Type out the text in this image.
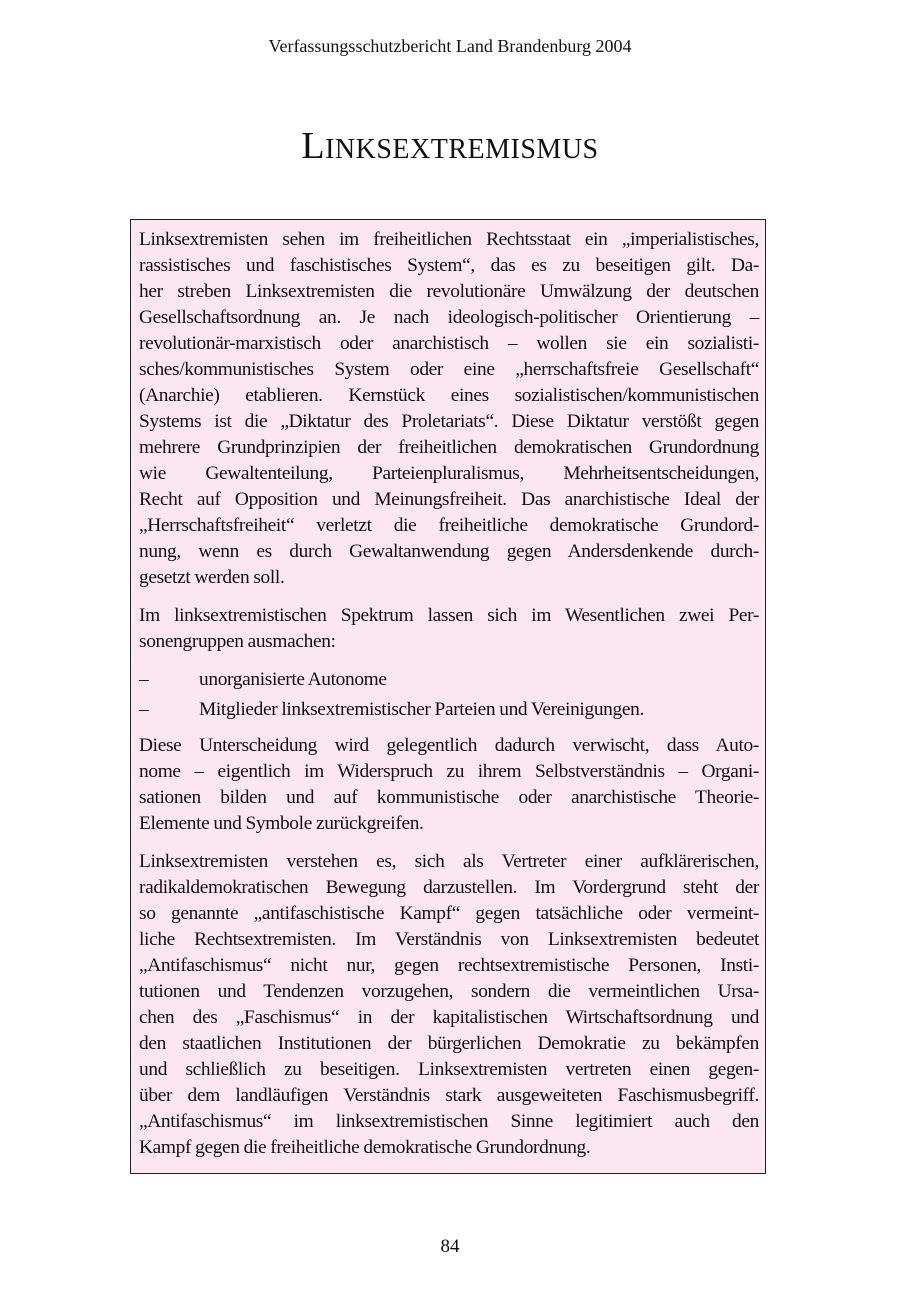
Verfassungsschutzbericht Land Brandenburg 2004
LINKSEXTREMISMUS
Linksextremisten sehen im freiheitlichen Rechtsstaat ein „imperialistisches,
rassistisches und faschistisches System“, das es zu beseitigen gilt. Da-
her streben Linksextremisten die revolutionäre Umwälzung der deutschen
Gesellschaftsordnung an. Je nach ideologisch-politischer Orientierung –
revolutionär-marxistisch oder anarchistisch – wollen sie ein sozialisti-
sches/kommunistisches System oder eine „herrschaftsfreie Gesellschaft“
(Anarchie) etablieren. Kernstück eines sozialistischen/kommunistischen
Systems ist die „Diktatur des Proletariats“. Diese Diktatur verstößt gegen
mehrere Grundprinzipien der freiheitlichen demokratischen Grundordnung
wie Gewaltenteilung, Parteienpluralismus, Mehrheitsentscheidungen,
Recht auf Opposition und Meinungsfreiheit. Das anarchistische Ideal der
„Herrschaftsfreiheit“ verletzt die freiheitliche demokratische Grundord-
nung, wenn es durch Gewaltanwendung gegen Andersdenkende durch-
gesetzt werden soll.
Im linksextremistischen Spektrum lassen sich im Wesentlichen zwei Per-
sonengruppen ausmachen:
–	unorganisierte Autonome
–	Mitglieder linksextremistischer Parteien und Vereinigungen.
Diese Unterscheidung wird gelegentlich dadurch verwischt, dass Auto-
nome – eigentlich im Widerspruch zu ihrem Selbstverständnis – Organi-
sationen bilden und auf kommunistische oder anarchistische Theorie-
Elemente und Symbole zurückgreifen.
Linksextremisten verstehen es, sich als Vertreter einer aufklärerischen,
radikaldemokratischen Bewegung darzustellen. Im Vordergrund steht der
so genannte „antifaschistische Kampf“ gegen tatsächliche oder vermeint-
liche Rechtsextremisten. Im Verständnis von Linksextremisten bedeutet
„Antifaschismus“ nicht nur, gegen rechtsextremistische Personen, Insti-
tutionen und Tendenzen vorzugehen, sondern die vermeintlichen Ursa-
chen des „Faschismus“ in der kapitalistischen Wirtschaftsordnung und
den staatlichen Institutionen der bürgerlichen Demokratie zu bekämpfen
und schließlich zu beseitigen. Linksextremisten vertreten einen gegen-
über dem landläufigen Verständnis stark ausgeweiteten Faschismusbegriff.
„Antifaschismus“ im linksextremistischen Sinne legitimiert auch den
Kampf gegen die freiheitliche demokratische Grundordnung.
84
